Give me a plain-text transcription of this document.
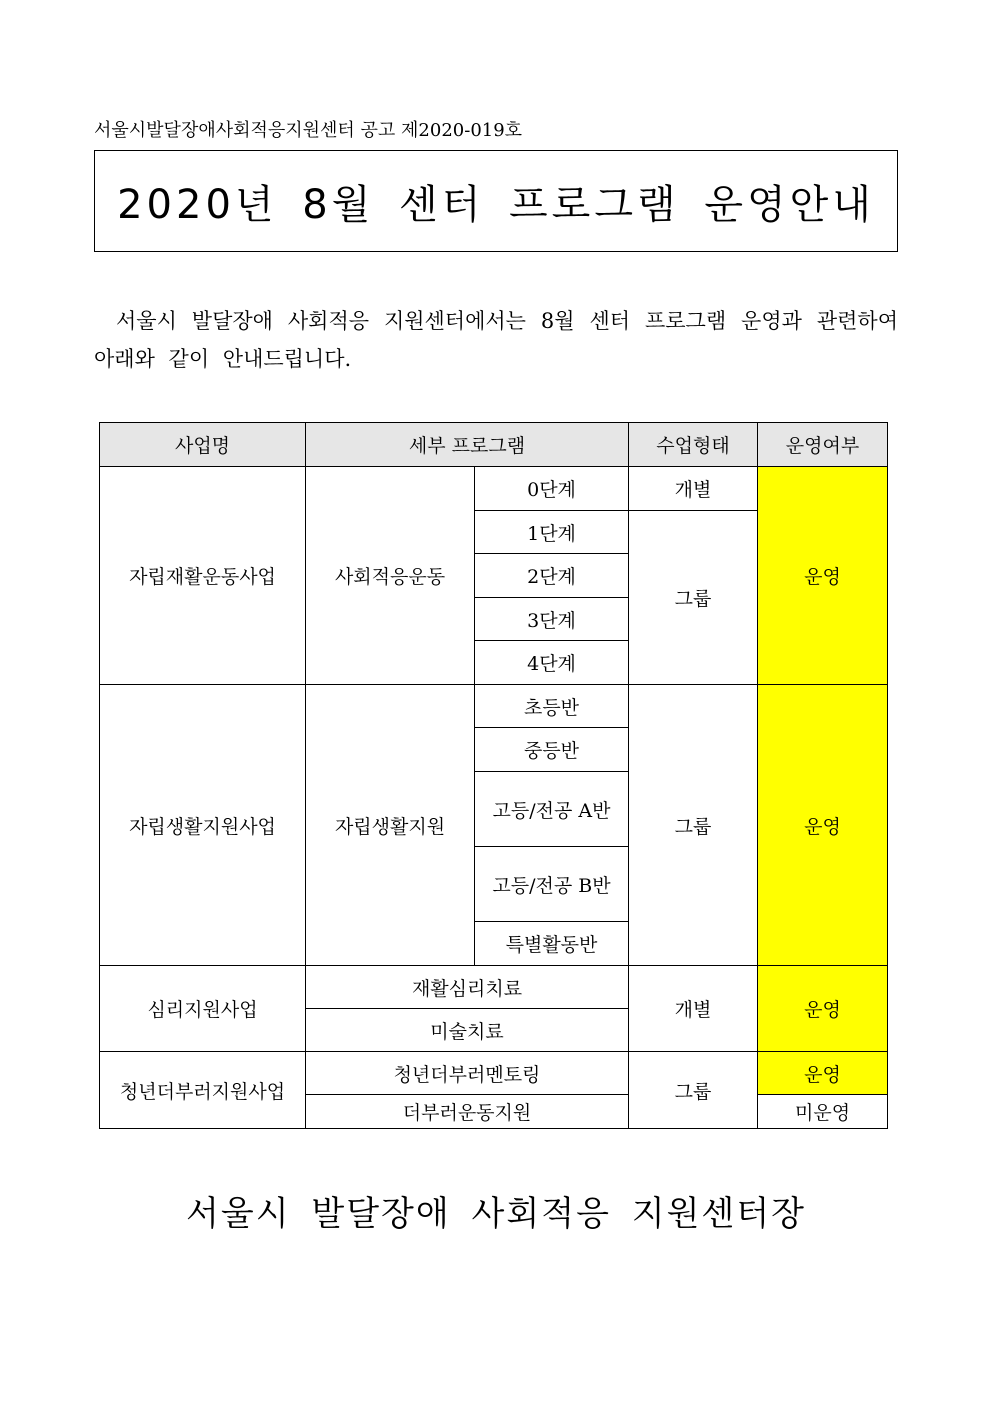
서울시발달장애사회적응지원센터 공고 제2020-019호
2020년 8월 센터 프로그램 운영안내

서울시 발달장애 사회적응 지원센터에서는 8월 센터 프로그램 운영과 관련하여 아래와 같이 안내드립니다.

사업명	세부 프로그램		수업형태	운영여부
자립재활운동사업	사회적응운동	0단계	개별	운영
		1단계	그룹	
		2단계		
		3단계		
		4단계		
자립생활지원사업	자립생활지원	초등반	그룹	운영
		중등반		
		고등/전공 A반		
		고등/전공 B반		
		특별활동반		
심리지원사업	재활심리치료		개별	운영
	미술치료			
청년더부러지원사업	청년더부러멘토링		그룹	운영
	더부러운동지원			미운영
서울시 발달장애 사회적응 지원센터장
